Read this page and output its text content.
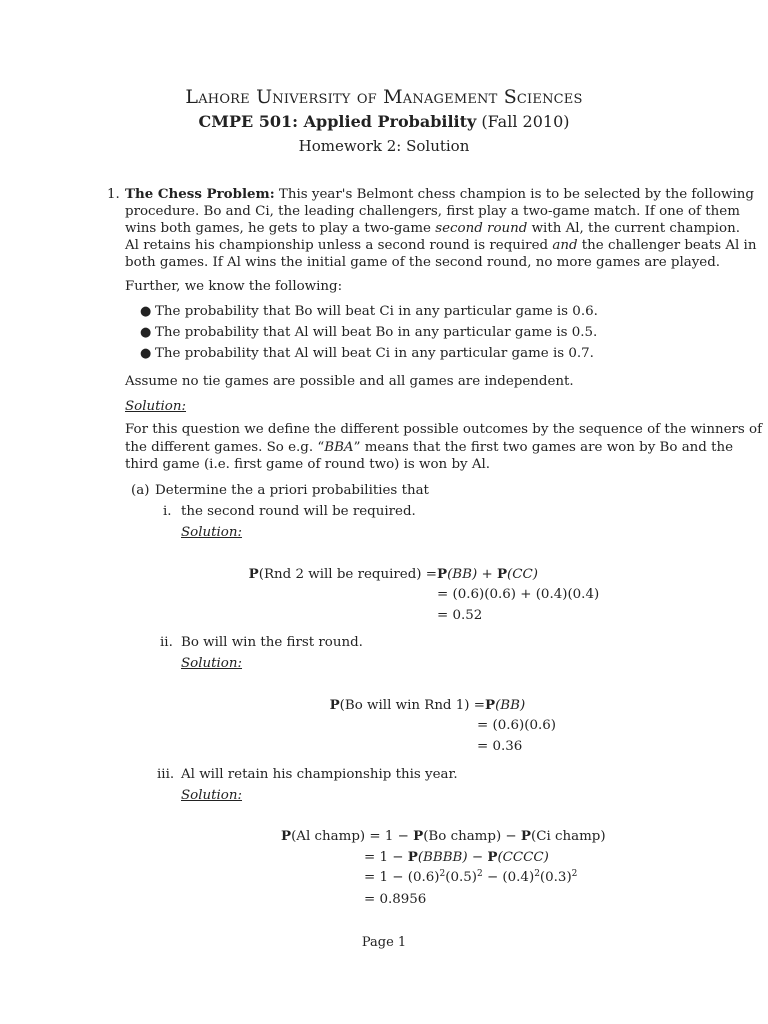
Lahore University of Management Sciences
CMPE 501: Applied Probability (Fall 2010)
Homework 2: Solution
1. The Chess Problem: This year's Belmont chess champion is to be selected by the following
procedure. Bo and Ci, the leading challengers, first play a two-game match. If one of them
wins both games, he gets to play a two-game second round with Al, the current champion.
Al retains his championship unless a second round is required and the challenger beats Al in
both games. If Al wins the initial game of the second round, no more games are played.
Further, we know the following:
● The probability that Bo will beat Ci in any particular game is 0.6.
● The probability that Al will beat Bo in any particular game is 0.5.
● The probability that Al will beat Ci in any particular game is 0.7.
Assume no tie games are possible and all games are independent.
Solution:
For this question we define the different possible outcomes by the sequence of the winners of
the different games. So e.g. “BBA” means that the first two games are won by Bo and the
third game (i.e. first game of round two) is won by Al.
(a) Determine the a priori probabilities that
i. the second round will be required.
Solution:
P(Rnd 2 will be required) = P(BB) + P(CC)
= (0.6)(0.6) + (0.4)(0.4)
= 0.52
ii. Bo will win the first round.
Solution:
P(Bo will win Rnd 1) = P(BB)
= (0.6)(0.6)
= 0.36
iii. Al will retain his championship this year.
Solution:
P(Al champ) = 1 − P(Bo champ) − P(Ci champ)
= 1 − P(BBBB) − P(CCCC)
= $1 - (0.6)^2(0.5)^2 - (0.4)^2(0.3)^2$
= 0.8956
Page 1
